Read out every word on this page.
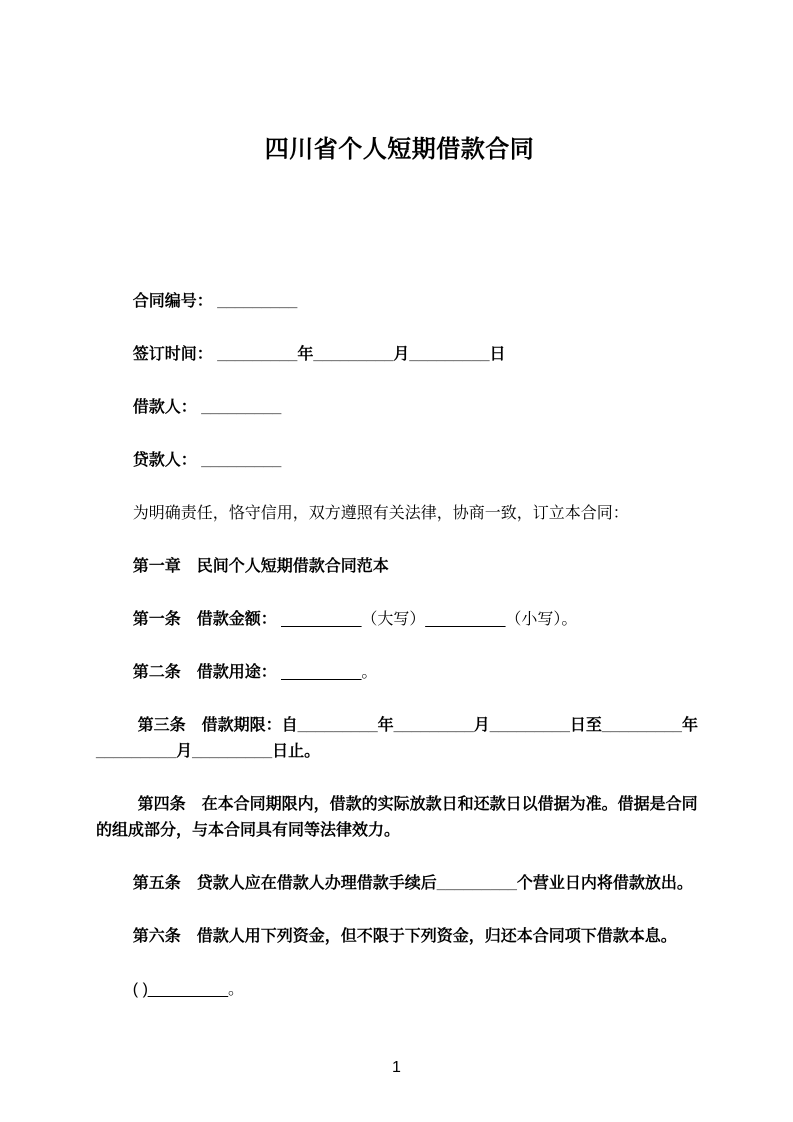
四川省个人短期借款合同

合同编号： _________

签订时间： _________年_________月_________日

借款人： _________

贷款人： _________

为明确责任，恪守信用，双方遵照有关法律，协商一致，订立本合同：

第一章　民间个人短期借款合同范本

第一条　借款金额： _________（大写）_________（小写）。

第二条　借款用途： _________。

第三条　借款期限：自_________年_________月_________日至_________年_________月_________日止。

第四条　在本合同期限内，借款的实际放款日和还款日以借据为准。借据是合同的组成部分，与本合同具有同等法律效力。

第五条　贷款人应在借款人办理借款手续后_________个营业日内将借款放出。

第六条　借款人用下列资金，但不限于下列资金，归还本合同项下借款本息。

( )_________。

1
